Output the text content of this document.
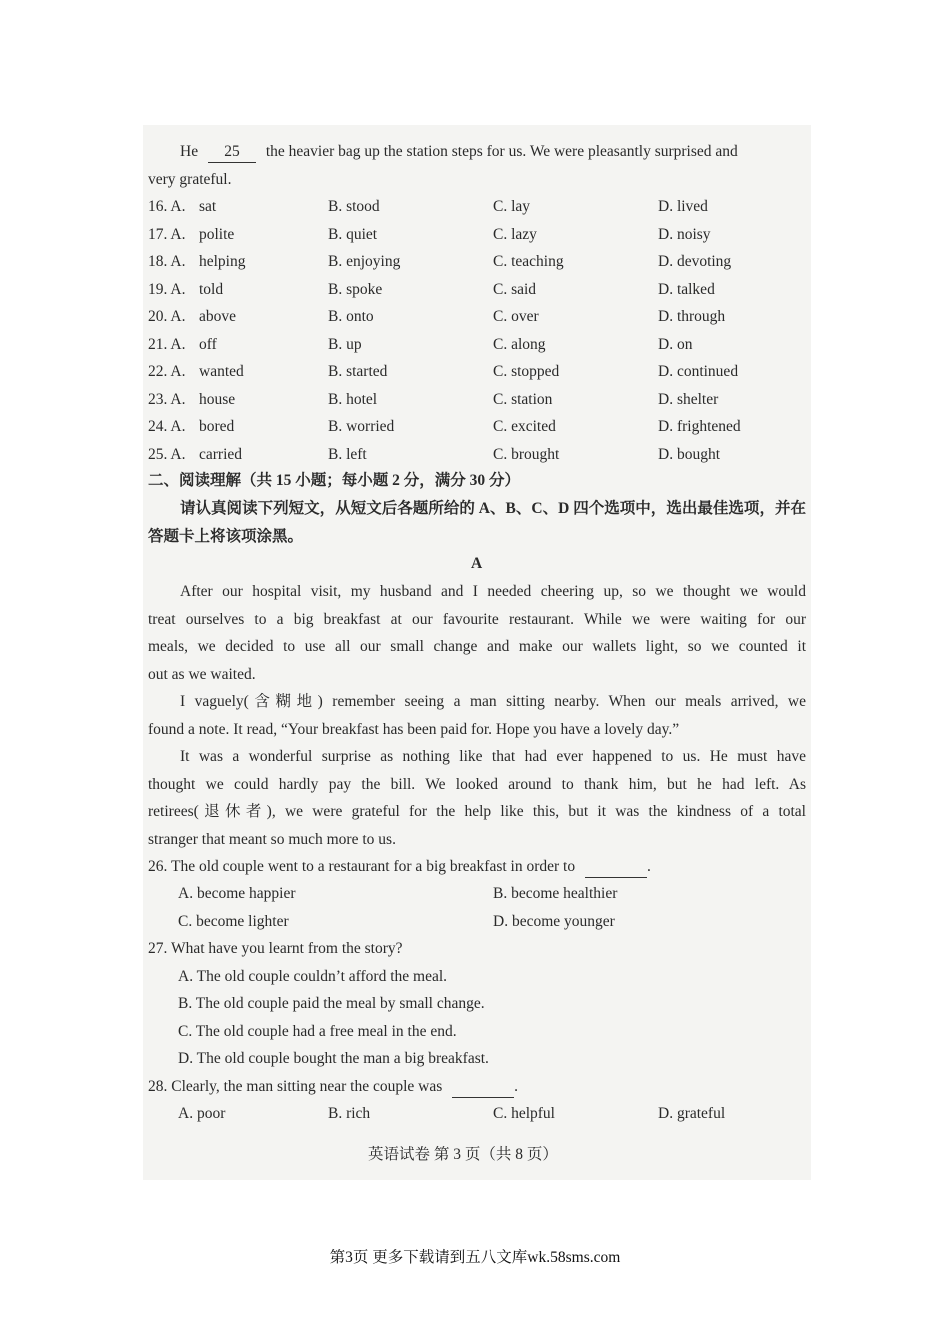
He 25 the heavier bag up the station steps for us. We were pleasantly surprised and
very grateful.
16. A. sat	B. stood	C. lay	D. lived
17. A. polite	B. quiet	C. lazy	D. noisy
18. A. helping	B. enjoying	C. teaching	D. devoting
19. A. told	B. spoke	C. said	D. talked
20. A. above	B. onto	C. over	D. through
21. A. off	B. up	C. along	D. on
22. A. wanted	B. started	C. stopped	D. continued
23. A. house	B. hotel	C. station	D. shelter
24. A. bored	B. worried	C. excited	D. frightened
25. A. carried	B. left	C. brought	D. bought
二、阅读理解（共 15 小题；每小题 2 分，满分 30 分）
请认真阅读下列短文，从短文后各题所给的 A、B、C、D 四个选项中，选出最佳选项，并在
答题卡上将该项涂黑。
A
After our hospital visit, my husband and I needed cheering up, so we thought we would
treat ourselves to a big breakfast at our favourite restaurant. While we were waiting for our
meals, we decided to use all our small change and make our wallets light, so we counted it
out as we waited.
I vaguely(含糊地) remember seeing a man sitting nearby. When our meals arrived, we
found a note. It read, “Your breakfast has been paid for. Hope you have a lovely day.”
It was a wonderful surprise as nothing like that had ever happened to us. He must have
thought we could hardly pay the bill. We looked around to thank him, but he had left. As
retirees(退休者), we were grateful for the help like this, but it was the kindness of a total
stranger that meant so much more to us.
26. The old couple went to a restaurant for a big breakfast in order to	.
A. become happier	B. become healthier
C. become lighter	D. become younger
27. What have you learnt from the story?
A. The old couple couldn’t afford the meal.
B. The old couple paid the meal by small change.
C. The old couple had a free meal in the end.
D. The old couple bought the man a big breakfast.
28. Clearly, the man sitting near the couple was	.
A. poor	B. rich	C. helpful	D. grateful
英语试卷 第 3 页（共 8 页）
第3页 更多下载请到五八文库wk.58sms.com
